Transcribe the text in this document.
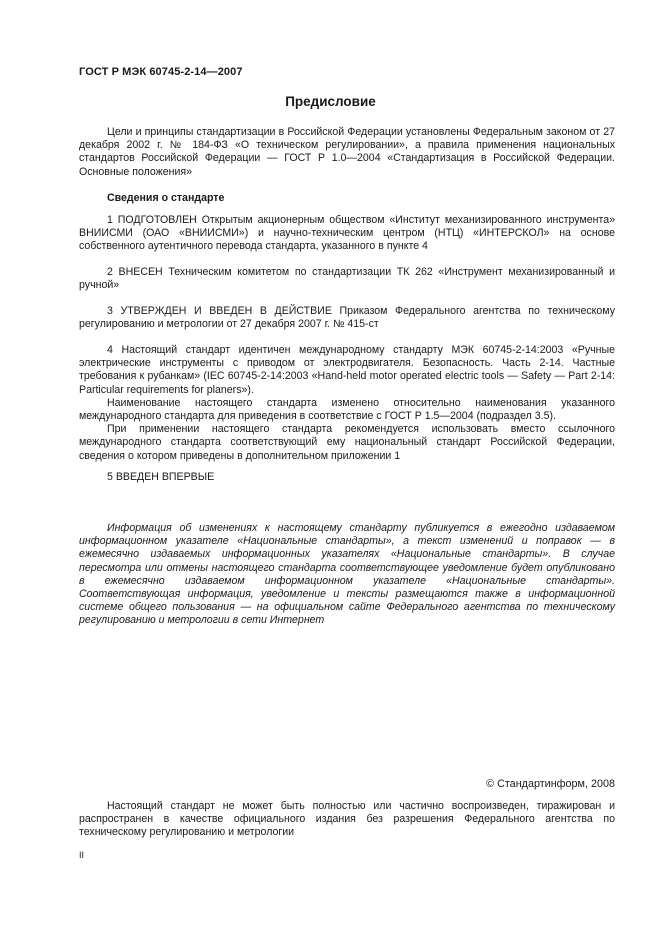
ГОСТ Р МЭК 60745-2-14—2007
Предисловие

Цели и принципы стандартизации в Российской Федерации установлены Федеральным законом от 27 декабря 2002 г. № 184-ФЗ «О техническом регулировании», а правила применения национальных стандартов Российской Федерации — ГОСТ Р 1.0—2004 «Стандартизация в Российской Федерации. Основные положения»

Сведения о стандарте

1 ПОДГОТОВЛЕН Открытым акционерным обществом «Институт механизированного инструмента» ВНИИСМИ (ОАО «ВНИИСМИ») и научно-техническим центром (НТЦ) «ИНТЕРСКОЛ» на основе собственного аутентичного перевода стандарта, указанного в пункте 4

2 ВНЕСЕН Техническим комитетом по стандартизации ТК 262 «Инструмент механизированный и ручной»

3 УТВЕРЖДЕН И ВВЕДЕН В ДЕЙСТВИЕ Приказом Федерального агентства по техническому регулированию и метрологии от 27 декабря 2007 г. № 415-ст

4 Настоящий стандарт идентичен международному стандарту МЭК 60745-2-14:2003 «Ручные электрические инструменты с приводом от электродвигателя. Безопасность. Часть 2-14. Частные требования к рубанкам» (IEC 60745-2-14:2003 «Hand-held motor operated electric tools — Safety — Part 2-14: Particular requirements for planers»).

Наименование настоящего стандарта изменено относительно наименования указанного международного стандарта для приведения в соответствие с ГОСТ Р 1.5—2004 (подраздел 3.5).

При применении настоящего стандарта рекомендуется использовать вместо ссылочного международного стандарта соответствующий ему национальный стандарт Российской Федерации, сведения о котором приведены в дополнительном приложении 1

5 ВВЕДЕН ВПЕРВЫЕ

Информация об изменениях к настоящему стандарту публикуется в ежегодно издаваемом информационном указателе «Национальные стандарты», а текст изменений и поправок — в ежемесячно издаваемых информационных указателях «Национальные стандарты». В случае пересмотра или отмены настоящего стандарта соответствующее уведомление будет опубликовано в ежемесячно издаваемом информационном указателе «Национальные стандарты». Соответствующая информация, уведомление и тексты размещаются также в информационной системе общего пользования — на официальном сайте Федерального агентства по техническому регулированию и метрологии в сети Интернет

© Стандартинформ, 2008

Настоящий стандарт не может быть полностью или частично воспроизведен, тиражирован и распространен в качестве официального издания без разрешения Федерального агентства по техническому регулированию и метрологии

II
